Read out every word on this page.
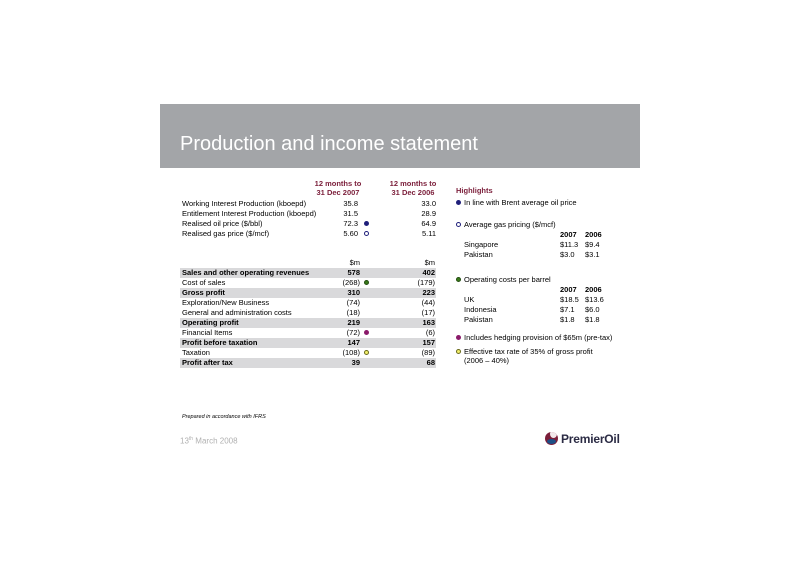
Production and income statement
12 months to
31 Dec 2007
12 months to
31 Dec 2006
Working Interest Production (kboepd)	35.8	33.0
Entitlement Interest Production (kboepd)	31.5	28.9
Realised oil price ($/bbl)	72.3	64.9
Realised gas price ($/mcf)	5.60	5.11
$m	$m
Sales and other operating revenues	578	402
Cost of sales	(268)	(179)
Gross profit	310	223
Exploration/New Business	(74)	(44)
General and administration costs	(18)	(17)
Operating profit	219	163
Financial Items	(72)	(6)
Profit before taxation	147	157
Taxation	(108)	(89)
Profit after tax	39	68
Highlights
In line with Brent average oil price
Average gas pricing ($/mcf)
2007 2006
Singapore	$11.3 $9.4
Pakistan	$3.0 $3.1
Operating costs per barrel
2007 2006
UK	$18.5 $13.6
Indonesia	$7.1 $6.0
Pakistan	$1.8 $1.8
Includes hedging provision of $65m (pre-tax)
Effective tax rate of 35% of gross profit
(2006 – 40%)
Prepared in accordance with IFRS
13th March 2008	PremierOil
